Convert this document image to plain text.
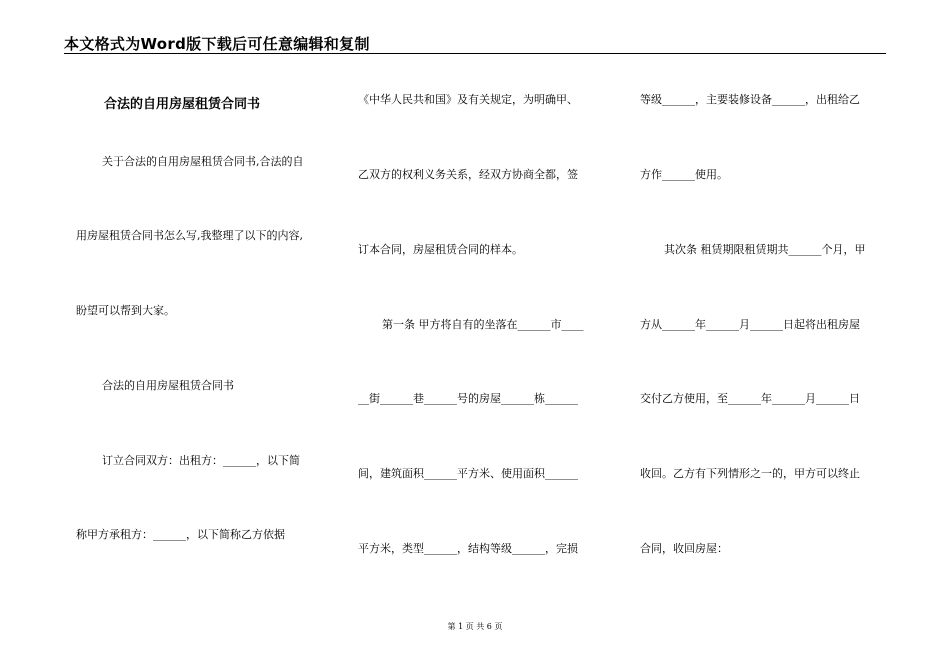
本文格式为Word版下载后可任意编辑和复制
合法的自用房屋租赁合同书
关于合法的自用房屋租赁合同书,合法的自
用房屋租赁合同书怎么写,我整理了以下的内容,
盼望可以帮到大家。
合法的自用房屋租赁合同书
订立合同双方：出租方：______，以下简
称甲方承租方：______，以下简称乙方依据
《中华人民共和国》及有关规定，为明确甲、
乙双方的权利义务关系，经双方协商全都，签
订本合同，房屋租赁合同的样本。
第一条 甲方将自有的坐落在______市____
__街______巷______号的房屋______栋______
间，建筑面积______平方米、使用面积______
平方米，类型______，结构等级______，完损
等级______，主要装修设备______，出租给乙
方作______使用。
其次条 租赁期限租赁期共______个月，甲
方从______年______月______日起将出租房屋
交付乙方使用，至______年______月______日
收回。乙方有下列情形之一的，甲方可以终止
合同，收回房屋：
第 1 页 共 6 页
